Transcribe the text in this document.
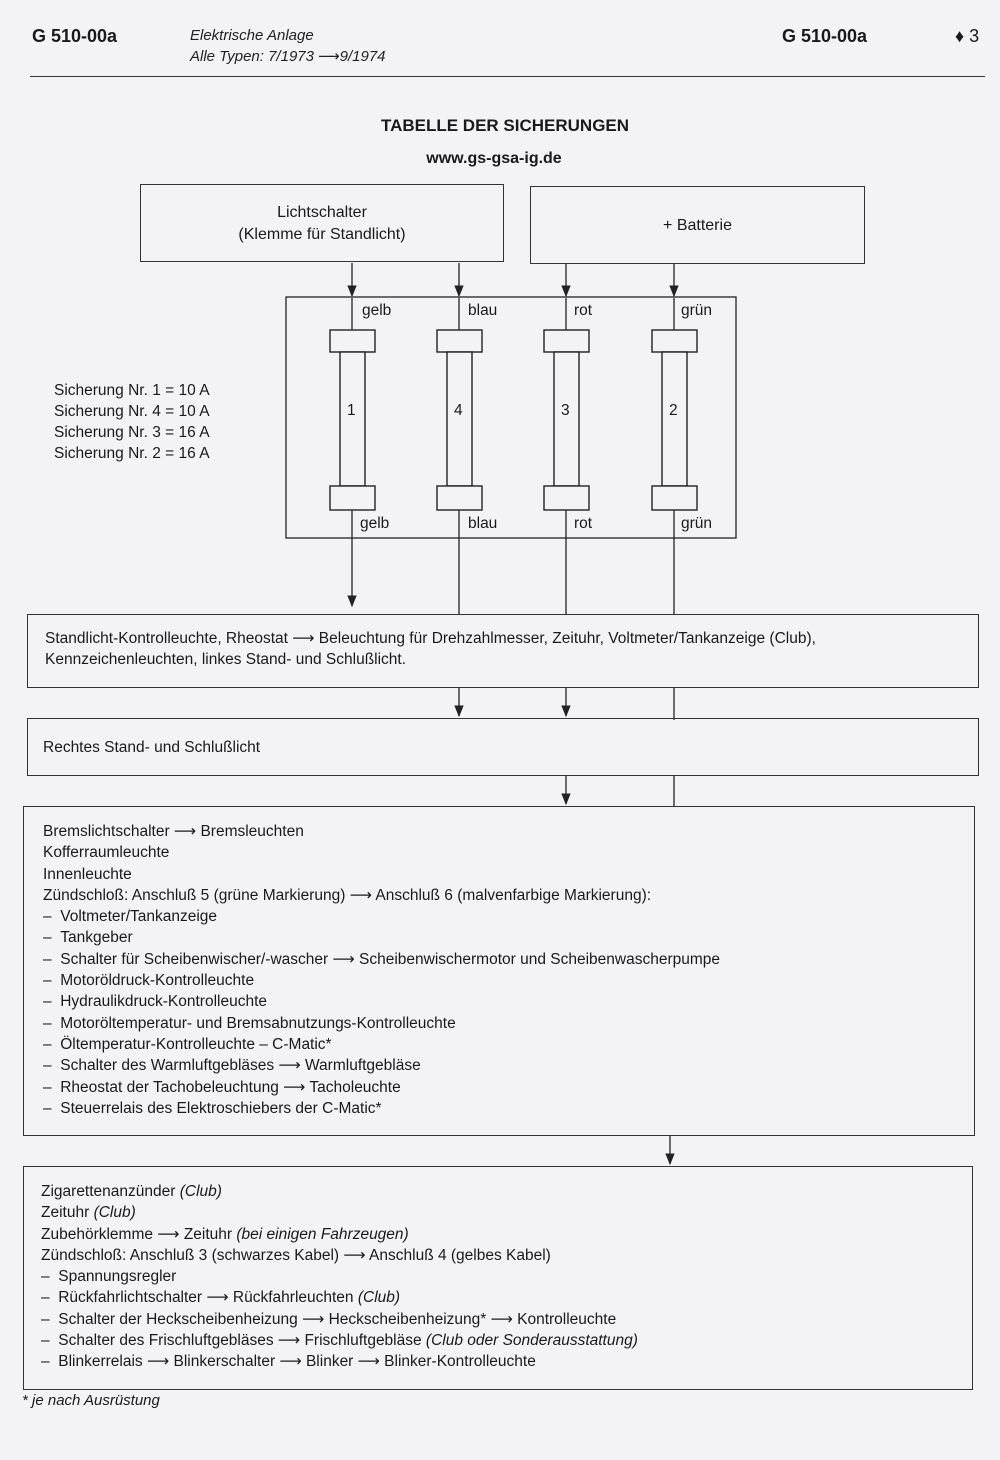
G 510-00a	Elektrische Anlage
Alle Typen: 7/1973 ⟶9/1974
G 510-00a	♦ 3
TABELLE DER SICHERUNGEN
www.gs-gsa-ig.de
Lichtschalter
(Klemme für Standlicht)
+ Batterie
gelb	blau	rot	grün
1	4	3	2
gelb	blau	rot	grün
Sicherung Nr. 1 = 10 A
Sicherung Nr. 4 = 10 A
Sicherung Nr. 3 = 16 A
Sicherung Nr. 2 = 16 A
Standlicht-Kontrolleuchte, Rheostat ⟶ Beleuchtung für Drehzahlmesser, Zeituhr, Voltmeter/Tankanzeige (Club),
Kennzeichenleuchten, linkes Stand- und Schlußlicht.
Rechtes Stand- und Schlußlicht
Bremslichtschalter ⟶ Bremsleuchten
Kofferraumleuchte
Innenleuchte
Zündschloß: Anschluß 5 (grüne Markierung) ⟶ Anschluß 6 (malvenfarbige Markierung):
–  Voltmeter/Tankanzeige
–  Tankgeber
–  Schalter für Scheibenwischer/-wascher ⟶ Scheibenwischermotor und Scheibenwascherpumpe
–  Motoröldruck-Kontrolleuchte
–  Hydraulikdruck-Kontrolleuchte
–  Motoröltemperatur- und Bremsabnutzungs-Kontrolleuchte
–  Öltemperatur-Kontrolleuchte – C-Matic*
–  Schalter des Warmluftgebläses ⟶ Warmluftgebläse
–  Rheostat der Tachobeleuchtung ⟶ Tacholeuchte
–  Steuerrelais des Elektroschiebers der C-Matic*
Zigarettenanzünder (Club)
Zeituhr (Club)
Zubehörklemme ⟶ Zeituhr (bei einigen Fahrzeugen)
Zündschloß: Anschluß 3 (schwarzes Kabel) ⟶ Anschluß 4 (gelbes Kabel)
–  Spannungsregler
–  Rückfahrlichtschalter ⟶ Rückfahrleuchten (Club)
–  Schalter der Heckscheibenheizung ⟶ Heckscheibenheizung* ⟶ Kontrolleuchte
–  Schalter des Frischluftgebläses ⟶ Frischluftgebläse (Club oder Sonderausstattung)
–  Blinkerrelais ⟶ Blinkerschalter ⟶ Blinker ⟶ Blinker-Kontrolleuchte
* je nach Ausrüstung
